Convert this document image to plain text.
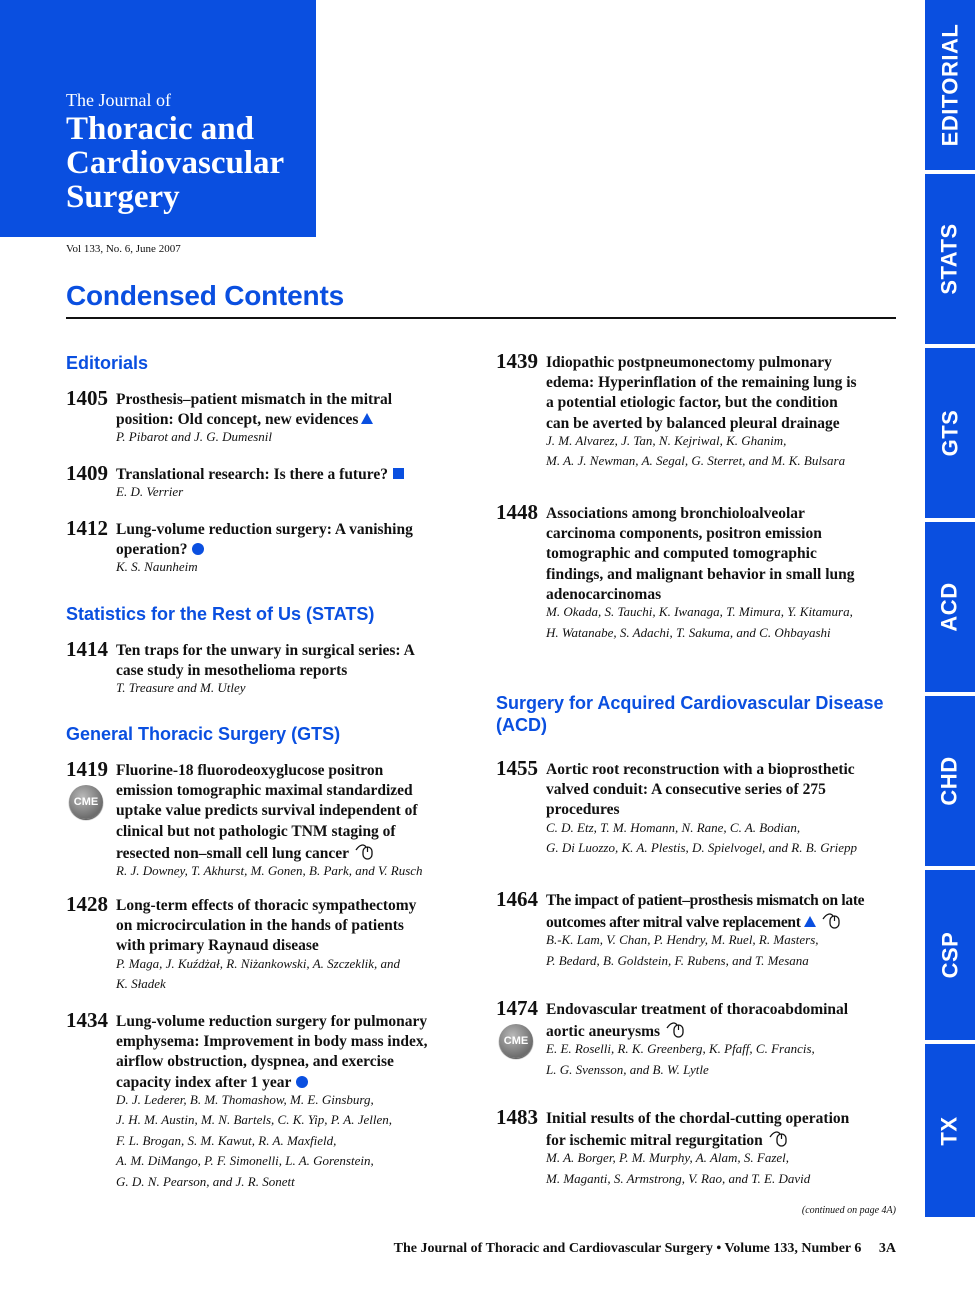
The Journal of
Thoracic and
Cardiovascular
Surgery
Vol 133, No. 6, June 2007
Condensed Contents
EDITORIAL
STATS
GTS
ACD
CHD
CSP
TX
Editorials
1405 Prosthesis–patient mismatch in the mitral
position: Old concept, new evidences
P. Pibarot and J. G. Dumesnil
1409 Translational research: Is there a future?
E. D. Verrier
1412 Lung-volume reduction surgery: A vanishing
operation?
K. S. Naunheim
Statistics for the Rest of Us (STATS)
1414 Ten traps for the unwary in surgical series: A
case study in mesothelioma reports
T. Treasure and M. Utley
General Thoracic Surgery (GTS)
1419
CME
Fluorine-18 fluorodeoxyglucose positron
emission tomographic maximal standardized
uptake value predicts survival independent of
clinical but not pathologic TNM staging of
resected non–small cell lung cancer
R. J. Downey, T. Akhurst, M. Gonen, B. Park, and V. Rusch
1428 Long-term effects of thoracic sympathectomy
on microcirculation in the hands of patients
with primary Raynaud disease
P. Maga, J. Kuźdżał, R. Niżankowski, A. Szczeklik, and
K. Sładek
1434 Lung-volume reduction surgery for pulmonary
emphysema: Improvement in body mass index,
airflow obstruction, dyspnea, and exercise
capacity index after 1 year
D. J. Lederer, B. M. Thomashow, M. E. Ginsburg,
J. H. M. Austin, M. N. Bartels, C. K. Yip, P. A. Jellen,
F. L. Brogan, S. M. Kawut, R. A. Maxfield,
A. M. DiMango, P. F. Simonelli, L. A. Gorenstein,
G. D. N. Pearson, and J. R. Sonett
1439 Idiopathic postpneumonectomy pulmonary
edema: Hyperinflation of the remaining lung is
a potential etiologic factor, but the condition
can be averted by balanced pleural drainage
J. M. Alvarez, J. Tan, N. Kejriwal, K. Ghanim,
M. A. J. Newman, A. Segal, G. Sterret, and M. K. Bulsara
1448 Associations among bronchioloalveolar
carcinoma components, positron emission
tomographic and computed tomographic
findings, and malignant behavior in small lung
adenocarcinomas
M. Okada, S. Tauchi, K. Iwanaga, T. Mimura, Y. Kitamura,
H. Watanabe, S. Adachi, T. Sakuma, and C. Ohbayashi
Surgery for Acquired Cardiovascular Disease
(ACD)
1455 Aortic root reconstruction with a bioprosthetic
valved conduit: A consecutive series of 275
procedures
C. D. Etz, T. M. Homann, N. Rane, C. A. Bodian,
G. Di Luozzo, K. A. Plestis, D. Spielvogel, and R. B. Griepp
1464 The impact of patient–prosthesis mismatch on late
outcomes after mitral valve replacement
B.-K. Lam, V. Chan, P. Hendry, M. Ruel, R. Masters,
P. Bedard, B. Goldstein, F. Rubens, and T. Mesana
1474
CME
Endovascular treatment of thoracoabdominal
aortic aneurysms
E. E. Roselli, R. K. Greenberg, K. Pfaff, C. Francis,
L. G. Svensson, and B. W. Lytle
1483 Initial results of the chordal-cutting operation
for ischemic mitral regurgitation
M. A. Borger, P. M. Murphy, A. Alam, S. Fazel,
M. Maganti, S. Armstrong, V. Rao, and T. E. David
(continued on page 4A)
The Journal of Thoracic and Cardiovascular Surgery • Volume 133, Number 6     3A
